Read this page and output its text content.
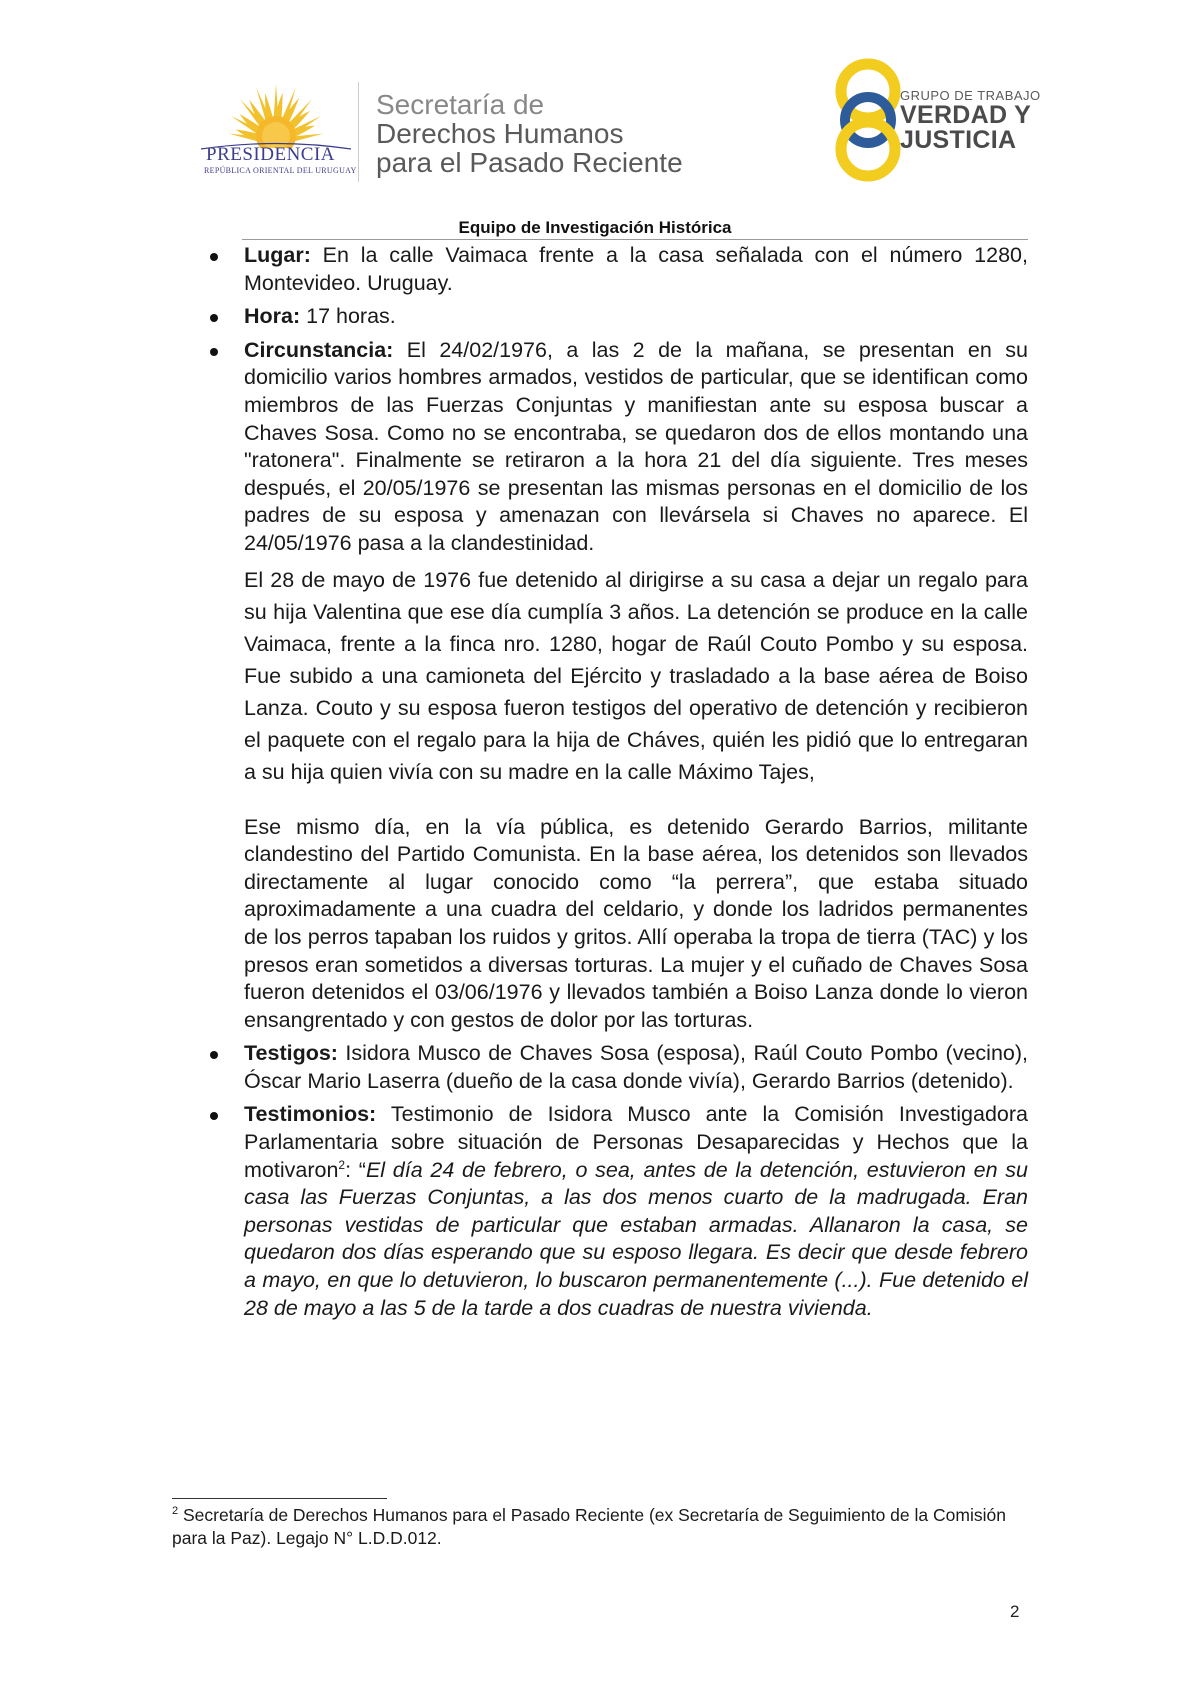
PRESIDENCIA
REPÚBLICA ORIENTAL DEL URUGUAY
Secretaría de
Derechos Humanos
para el Pasado Reciente
GRUPO DE TRABAJO
VERDAD Y
JUSTICIA
Equipo de Investigación Histórica
Lugar: En la calle Vaimaca frente a la casa señalada con el número 1280, Montevideo. Uruguay.
Hora: 17 horas.
Circunstancia: El 24/02/1976, a las 2 de la mañana, se presentan en su domicilio varios hombres armados, vestidos de particular, que se identifican como miembros de las Fuerzas Conjuntas y manifiestan ante su esposa buscar a Chaves Sosa. Como no se encontraba, se quedaron dos de ellos montando una "ratonera". Finalmente se retiraron a la hora 21 del día siguiente. Tres meses después, el 20/05/1976 se presentan las mismas personas en el domicilio de los padres de su esposa y amenazan con llevársela si Chaves no aparece. El 24/05/1976 pasa a la clandestinidad.
El 28 de mayo de 1976 fue detenido al dirigirse a su casa a dejar un regalo para su hija Valentina que ese día cumplía 3 años. La detención se produce en la calle Vaimaca, frente a la finca nro. 1280, hogar de Raúl Couto Pombo y su esposa. Fue subido a una camioneta del Ejército y trasladado a la base aérea de Boiso Lanza. Couto y su esposa fueron testigos del operativo de detención y recibieron el paquete con el regalo para la hija de Cháves, quién les pidió que lo entregaran a su hija quien vivía con su madre en la calle Máximo Tajes,
Ese mismo día, en la vía pública, es detenido Gerardo Barrios, militante clandestino del Partido Comunista. En la base aérea, los detenidos son llevados directamente al lugar conocido como “la perrera”, que estaba situado aproximadamente a una cuadra del celdario, y donde los ladridos permanentes de los perros tapaban los ruidos y gritos. Allí operaba la tropa de tierra (TAC) y los presos eran sometidos a diversas torturas. La mujer y el cuñado de Chaves Sosa fueron detenidos el 03/06/1976 y llevados también a Boiso Lanza donde lo vieron ensangrentado y con gestos de dolor por las torturas.
Testigos: Isidora Musco de Chaves Sosa (esposa), Raúl Couto Pombo (vecino), Óscar Mario Laserra (dueño de la casa donde vivía), Gerardo Barrios (detenido).
Testimonios: Testimonio de Isidora Musco ante la Comisión Investigadora Parlamentaria sobre situación de Personas Desaparecidas y Hechos que la motivaron$^2$: “El día 24 de febrero, o sea, antes de la detención, estuvieron en su casa las Fuerzas Conjuntas, a las dos menos cuarto de la madrugada. Eran personas vestidas de particular que estaban armadas. Allanaron la casa, se quedaron dos días esperando que su esposo llegara. Es decir que desde febrero a mayo, en que lo detuvieron, lo buscaron permanentemente (...). Fue detenido el 28 de mayo a las 5 de la tarde a dos cuadras de nuestra vivienda.
$^2$ Secretaría de Derechos Humanos para el Pasado Reciente (ex Secretaría de Seguimiento de la Comisión para la Paz). Legajo N° L.D.D.012.
2
